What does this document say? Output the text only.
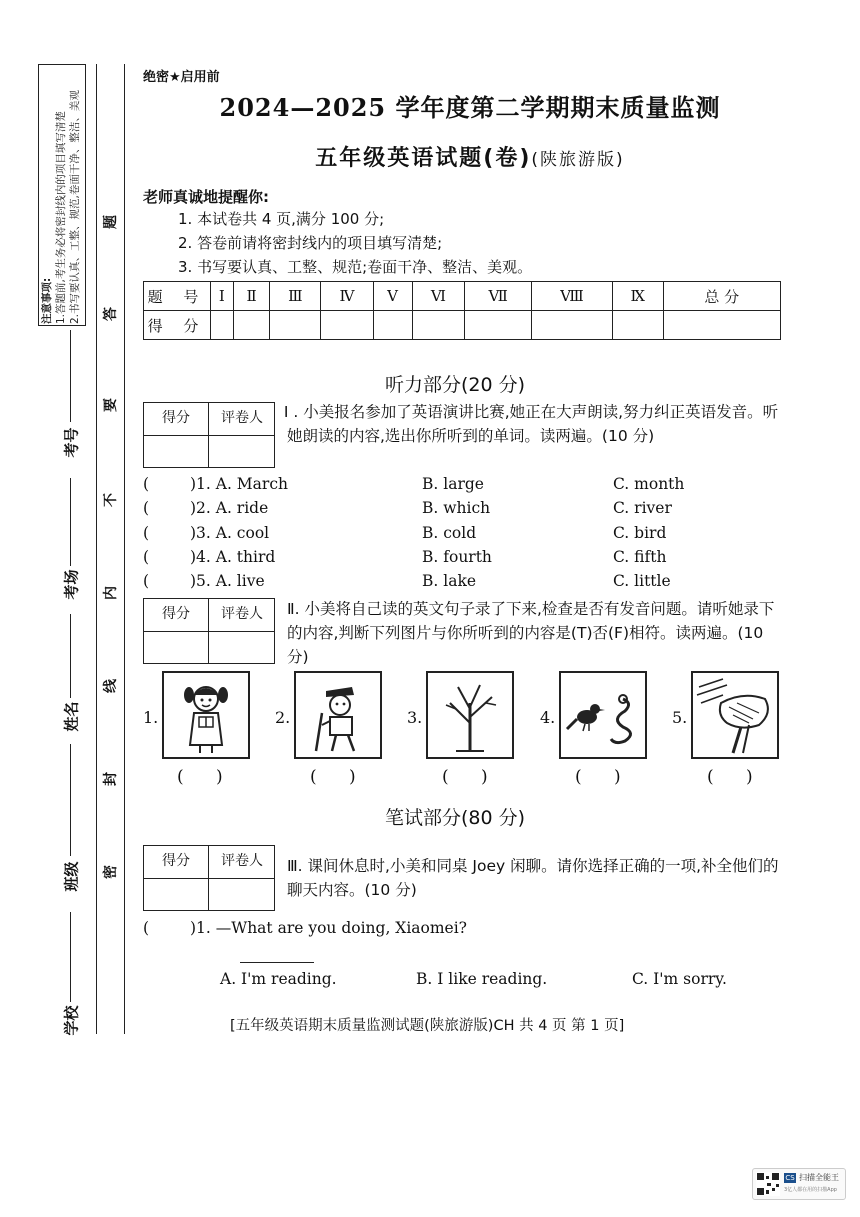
注意事项: 1.答题前,考生务必将密封线内的项目填写清楚 2.书写要认真、工整、规范,卷面干净、整洁、美观 题
答
要
不
内
线
封
密
考号
考场
姓名
班级
学校
绝密★启用前
2024—2025 学年度第二学期期末质量监测
五年级英语试题(卷)(陕旅游版)
老师真诚地提醒你:
1. 本试卷共 4 页,满分 100 分;
2. 答卷前请将密封线内的项目填写清楚;
3. 书写要认真、工整、规范;卷面干净、整洁、美观。
题 号	I	Ⅱ	Ⅲ	Ⅳ	Ⅴ	Ⅵ	Ⅶ	Ⅷ	Ⅸ	总 分
得 分										
听力部分(20 分)
得分	评卷人	I . 小美报名参加了英语演讲比赛,她正在大声朗读,努力纠正英语发音。听她朗读的内容,选出你所听到的单词。读两遍。(10 分)
(	)1. A. March	B. large	C. month
(	)2. A. ride	B. which	C. river
(	)3. A. cool	B. cold	C. bird
(	)4. A. third	B. fourth	C. fifth
(	)5. A. live	B. lake	C. little
得分	评卷人	Ⅱ. 小美将自己读的英文句子录了下来,检查是否有发音问题。请听她录下的内容,判断下列图片与你所听到的内容是(T)否(F)相符。读两遍。(10 分)
1.
(      )
2.
(      )
3.
(      )
4.
(      )
5.
(      )
笔试部分(80 分)
得分	评卷人	Ⅲ. 课间休息时,小美和同桌 Joey 闲聊。请你选择正确的一项,补全他们的聊天内容。(10 分)
(	)1. —What are you doing, Xiaomei?
A. I'm reading.	B. I like reading.	C. I'm sorry.
[五年级英语期末质量监测试题(陕旅游版)CH 共 4 页 第 1 页]
CS 扫描全能王
3亿人都在用的扫描App
